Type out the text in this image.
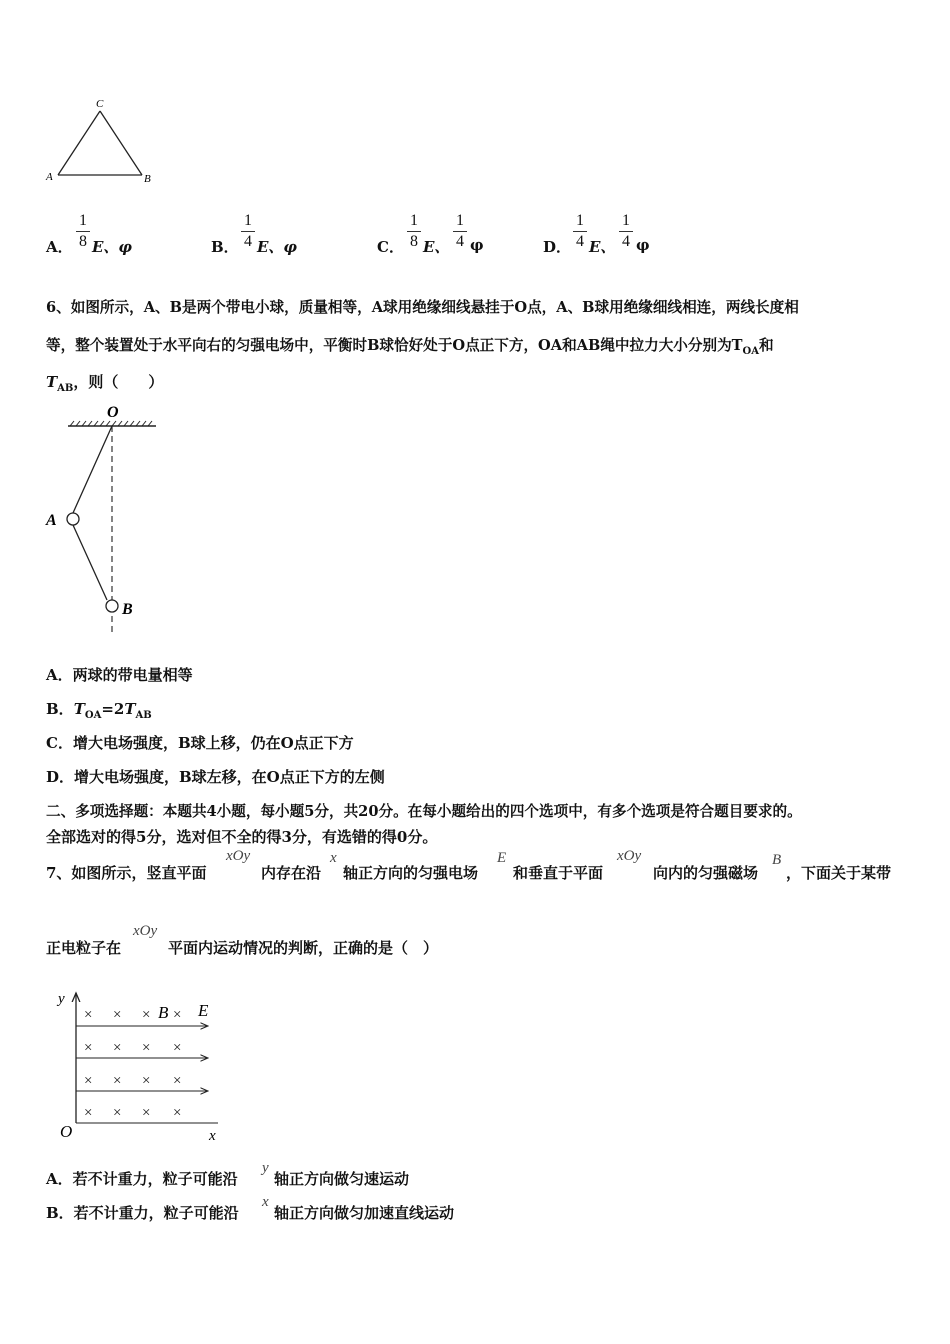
C
A	B
A．
1
8 E、φ	B．
1
4 E、φ	C．
1
8 E、
1
4 φ	D．
1
4 E、
1
4 φ
6、如图所示，A、B是两个带电小球，质量相等，A球用绝缘细线悬挂于O点，A、B球用绝缘细线相连，两线长度相
等，整个装置处于水平向右的匀强电场中，平衡时B球恰好处于O点正下方，OA和AB绳中拉力大小分别为$T_{OA}$和
$T_{AB}$，则（　　）
O
A
B
A．两球的带电量相等
B．$T_{OA}=2T_{AB}$
C．增大电场强度，B球上移，仍在O点正下方
D．增大电场强度，B球左移，在O点正下方的左侧
二、多项选择题：本题共4小题，每小题5分，共20分。在每小题给出的四个选项中，有多个选项是符合题目要求的。
全部选对的得5分，选对但不全的得3分，有选错的得0分。
7、如图所示，竖直平面
xOy
内存在沿
x
轴正方向的匀强电场
E
和垂直于平面
xOy
向内的匀强磁场
B
，下面关于某带
正电粒子在
xOy
平面内运动情况的判断，正确的是（　）
y
x
O
B E
× × × ×
× × × ×
× × × ×
× × × ×
A．若不计重力，粒子可能沿
y
轴正方向做匀速运动
B．若不计重力，粒子可能沿
x
轴正方向做匀加速直线运动
